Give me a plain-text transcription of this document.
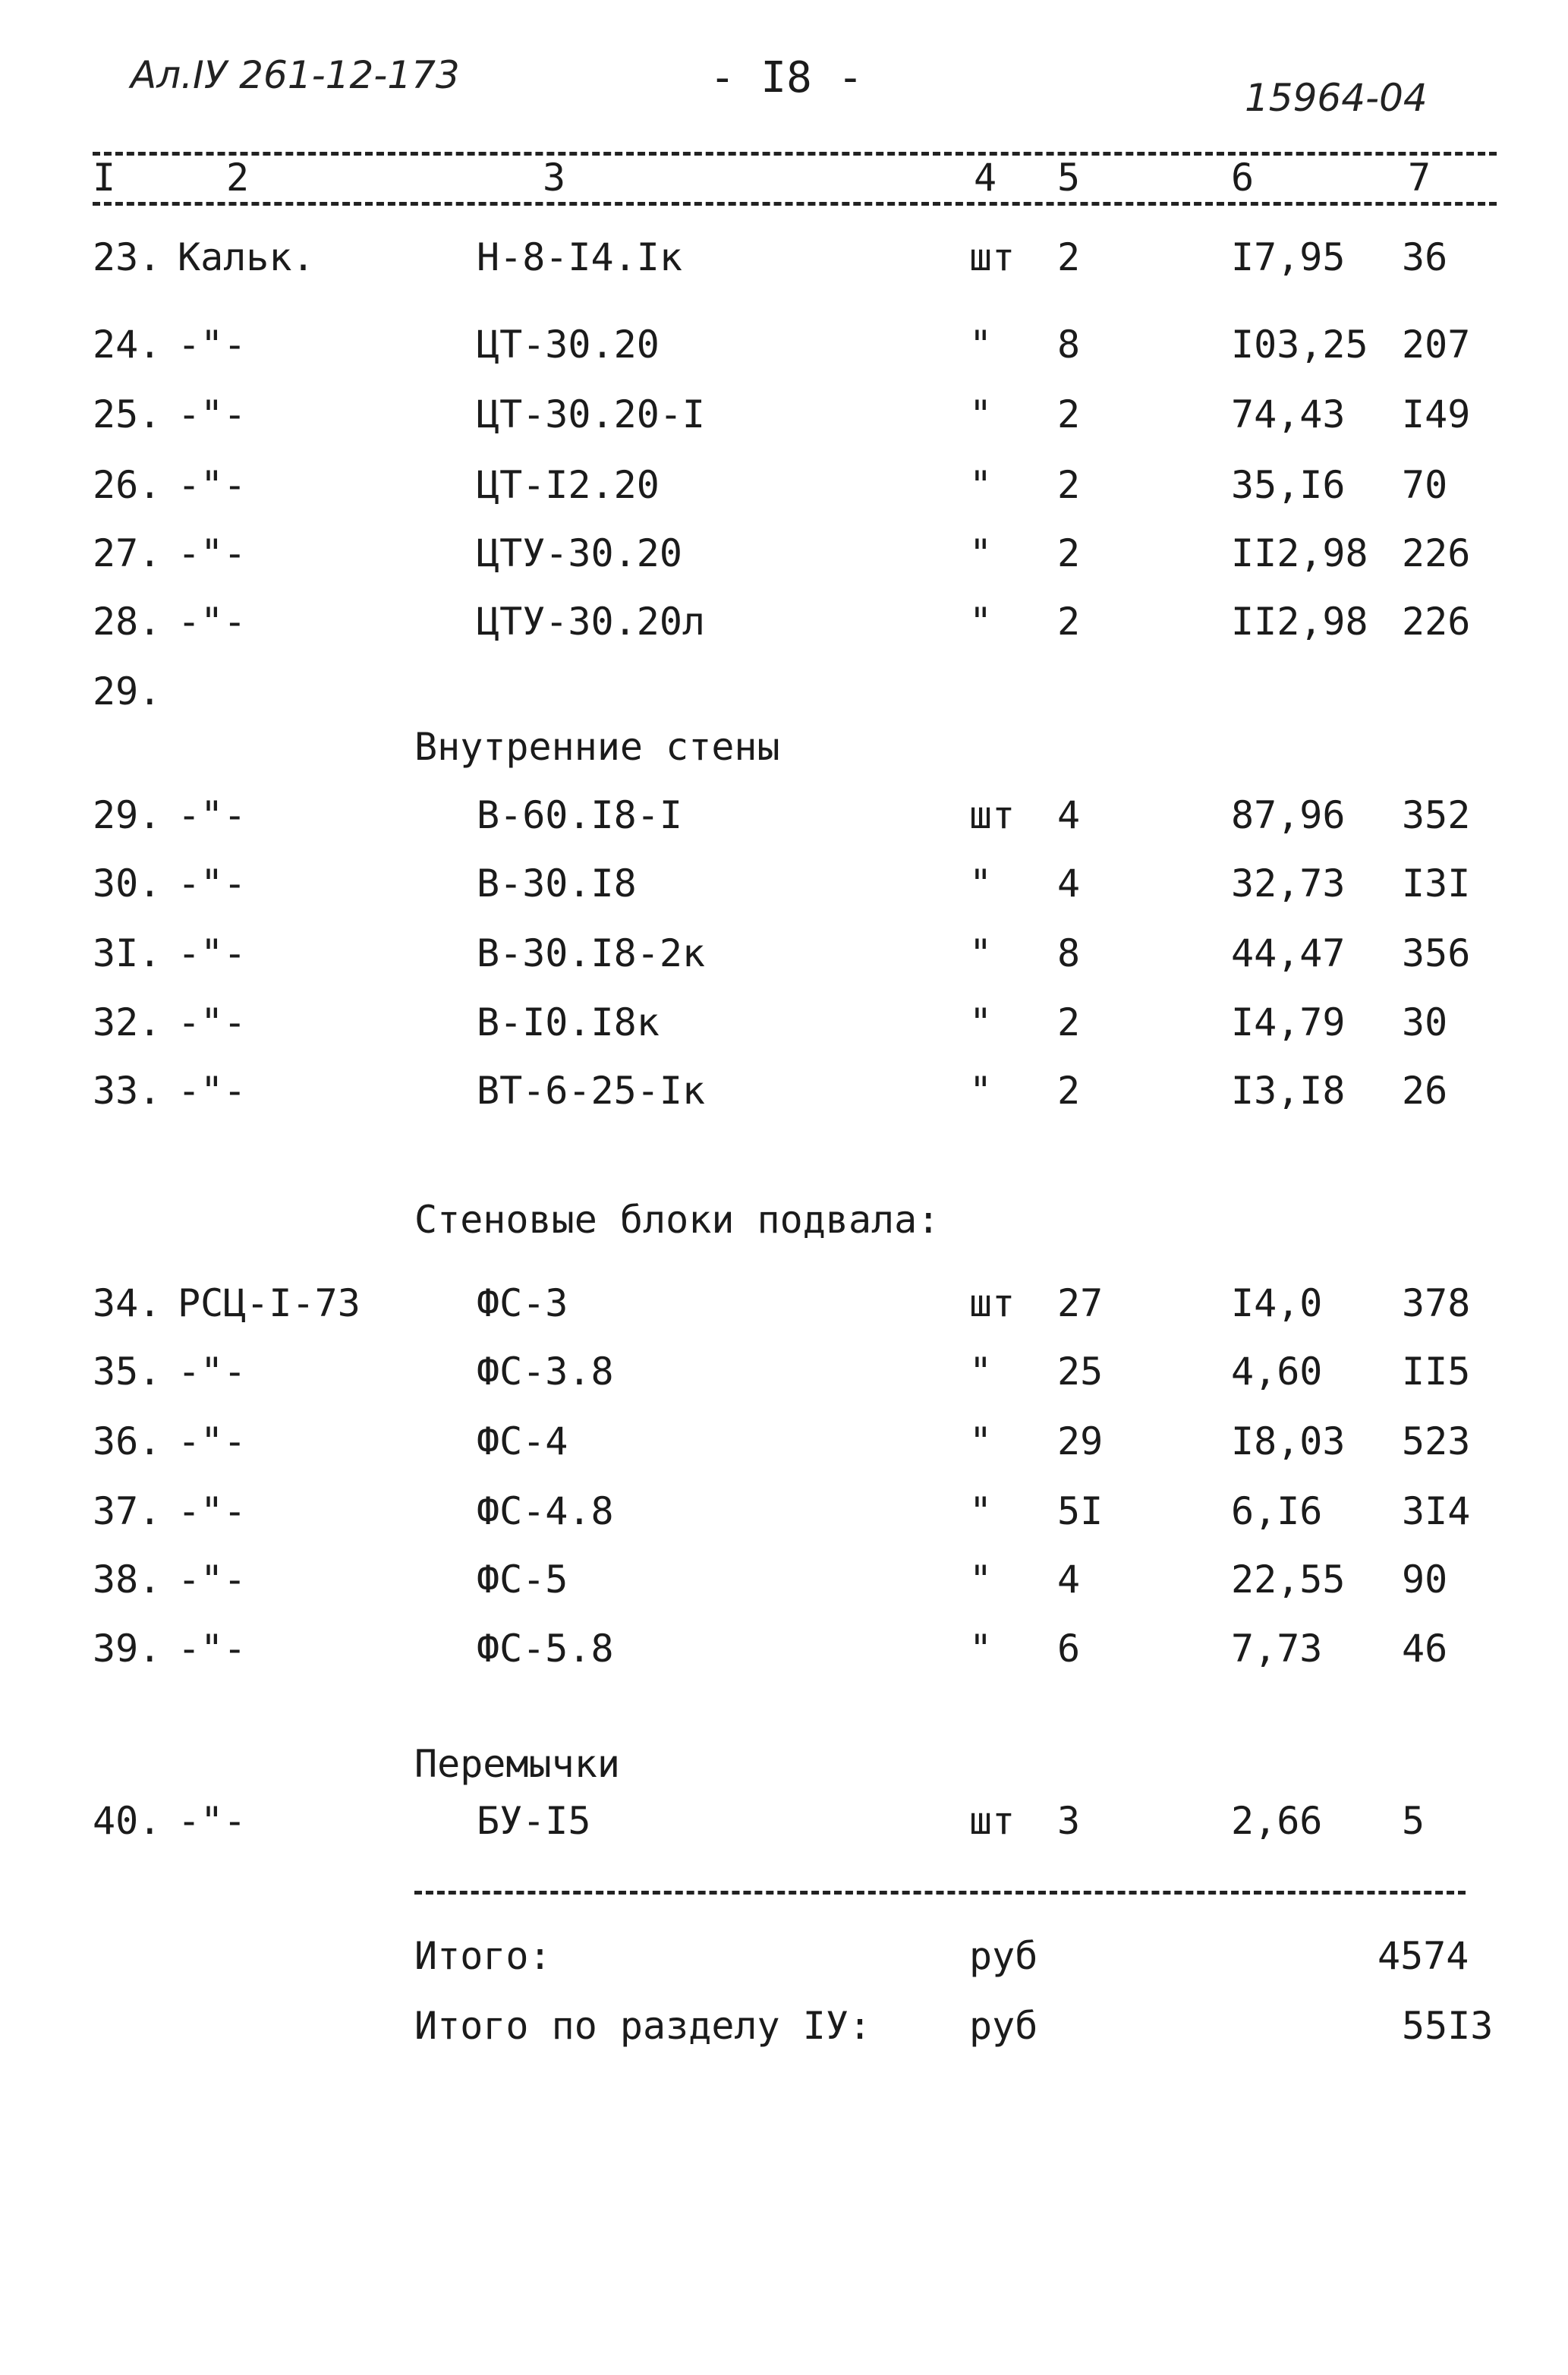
Ал.IУ 261-12-173	- I8 -	15964-04
I	2	3	4 5	6	7
23. Кальк.	Н-8-I4.Iк	шт 2	I7,95 36
24. -"-	ЦТ-30.20	" 8	I03,25 207
25. -"-	ЦТ-30.20-I	" 2	74,43 I49
26. -"-	ЦТ-I2.20	" 2	35,I6 70
27. -"-	ЦТУ-30.20	" 2	II2,98 226
28. -"-	ЦТУ-30.20л	" 2	II2,98 226
29.
29. -"-	В-60.I8-I	шт 4	87,96 352
30. -"-	В-30.I8	" 4	32,73 I3I
3I. -"-	В-30.I8-2к	" 8	44,47 356
32. -"-	В-I0.I8к	" 2	I4,79 30
33. -"-	ВТ-6-25-Iк	" 2	I3,I8 26
34. РСЦ-I-73	ФС-3	шт 27	I4,0 378
35. -"-	ФС-3.8	" 25	4,60 II5
36. -"-	ФС-4	" 29	I8,03 523
37. -"-	ФС-4.8	" 5I	6,I6 3I4
38. -"-	ФС-5	" 4	22,55 90
39. -"-	ФС-5.8	" 6	7,73 46
40. -"-	БУ-I5	шт 3	2,66 5
Внутренние стены
Стеновые блоки подвала:
Перемычки
Итого:	руб	4574
Итого по разделу IУ:	руб	55I3
